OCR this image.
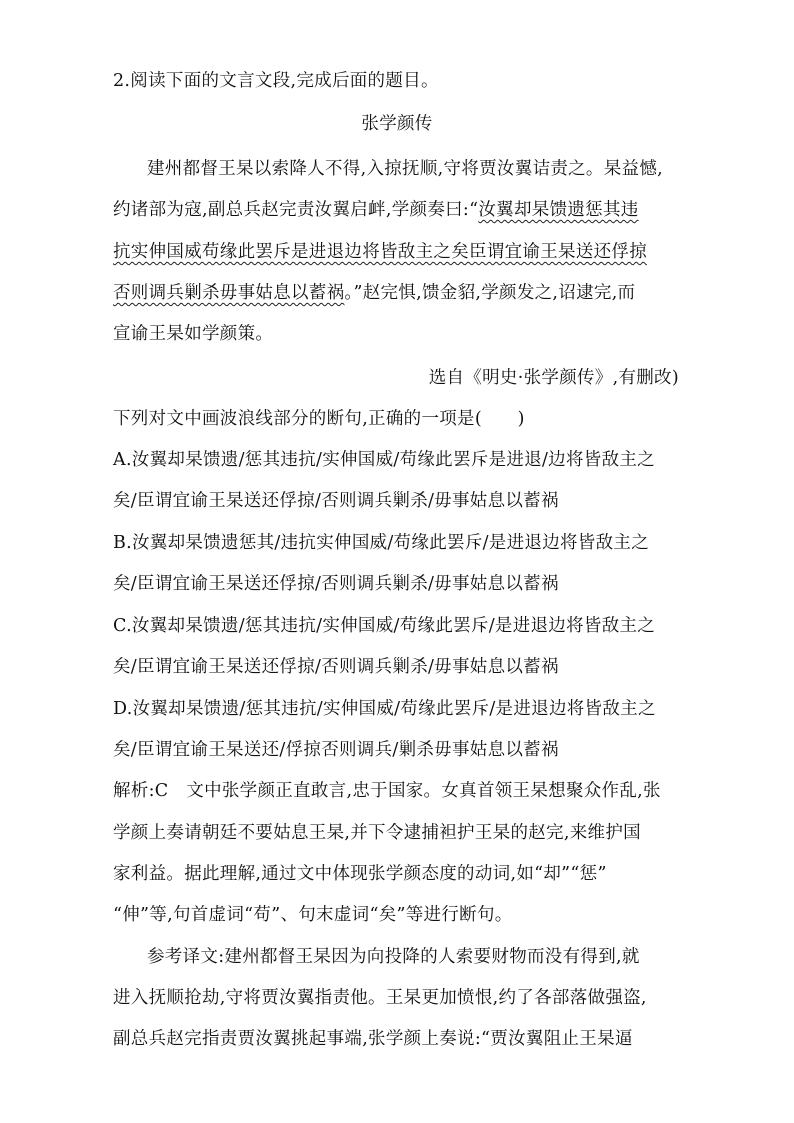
2.阅读下面的文言文段,完成后面的题目。
张学颜传
建州都督王杲以索降人不得,入掠抚顺,守将贾汝翼诘责之。杲益憾,
约诸部为寇,副总兵赵完责汝翼启衅,学颜奏曰:“汝翼却杲馈遗惩其违
抗实伸国威苟缘此罢斥是进退边将皆敌主之矣臣谓宜谕王杲送还俘掠
否则调兵剿杀毋事姑息以蓄祸。”赵完惧,馈金貂,学颜发之,诏逮完,而
宣谕王杲如学颜策。
选自《明史·张学颜传》,有删改)
下列对文中画波浪线部分的断句,正确的一项是(　　)
A.汝翼却杲馈遗/惩其违抗/实伸国威/苟缘此罢斥是进退/边将皆敌主之
矣/臣谓宜谕王杲送还俘掠/否则调兵剿杀/毋事姑息以蓄祸
B.汝翼却杲馈遗惩其/违抗实伸国威/苟缘此罢斥/是进退边将皆敌主之
矣/臣谓宜谕王杲送还俘掠/否则调兵剿杀/毋事姑息以蓄祸
C.汝翼却杲馈遗/惩其违抗/实伸国威/苟缘此罢斥/是进退边将皆敌主之
矣/臣谓宜谕王杲送还俘掠/否则调兵剿杀/毋事姑息以蓄祸
D.汝翼却杲馈遗/惩其违抗/实伸国威/苟缘此罢斥/是进退边将皆敌主之
矣/臣谓宜谕王杲送还/俘掠否则调兵/剿杀毋事姑息以蓄祸
解析:C　文中张学颜正直敢言,忠于国家。女真首领王杲想聚众作乱,张
学颜上奏请朝廷不要姑息王杲,并下令逮捕袒护王杲的赵完,来维护国
家利益。据此理解,通过文中体现张学颜态度的动词,如“却”“惩”
“伸”等,句首虚词“苟”、句末虚词“矣”等进行断句。
参考译文:建州都督王杲因为向投降的人索要财物而没有得到,就
进入抚顺抢劫,守将贾汝翼指责他。王杲更加愤恨,约了各部落做强盗,
副总兵赵完指责贾汝翼挑起事端,张学颜上奏说:“贾汝翼阻止王杲逼
